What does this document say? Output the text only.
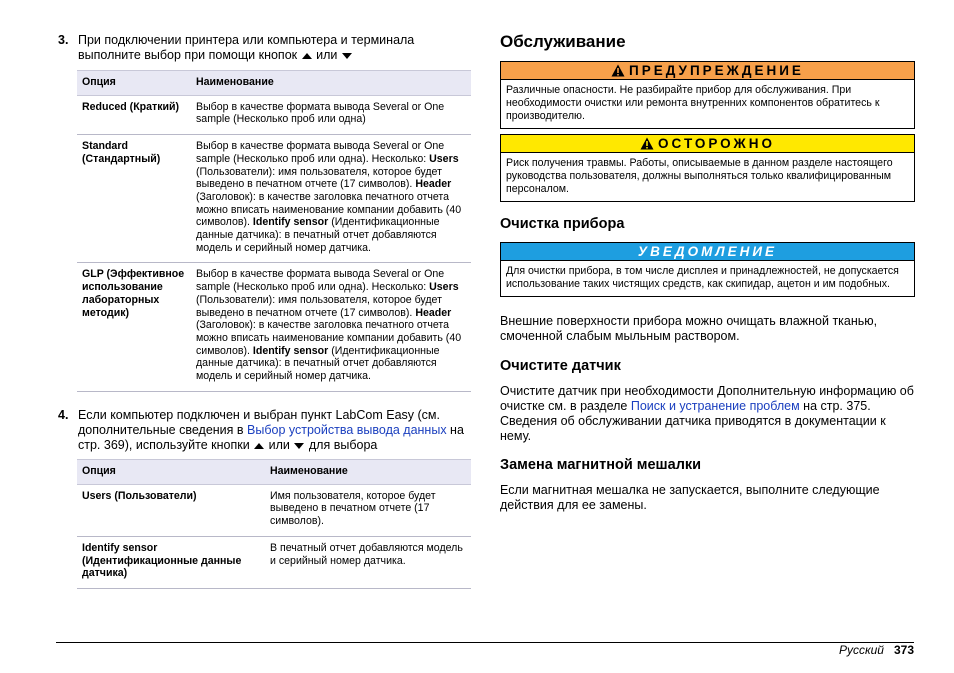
3. При подключении принтера или компьютера и терминала
выполните выбор при помощи кнопок  или
Опция	Наименование
Reduced (Краткий)	Выбор в качестве формата вывода Several or One sample (Несколько проб или одна)
Standard (Стандартный)	Выбор в качестве формата вывода Several or One sample (Несколько проб или одна). Несколько: Users (Пользователи): имя пользователя, которое будет выведено в печатном отчете (17 символов). Header (Заголовок): в качестве заголовка печатного отчета можно вписать наименование компании добавить (40 символов). Identify sensor (Идентификационные данные датчика): в печатный отчет добавляются модель и серийный номер датчика.
GLP (Эффективное использование лабораторных методик)	Выбор в качестве формата вывода Several or One sample (Несколько проб или одна). Несколько: Users (Пользователи): имя пользователя, которое будет выведено в печатном отчете (17 символов). Header (Заголовок): в качестве заголовка печатного отчета можно вписать наименование компании добавить (40 символов). Identify sensor (Идентификационные данные датчика): в печатный отчет добавляются модель и серийный номер датчика.
4. Если компьютер подключен и выбран пункт LabCom Easy (см. дополнительные сведения в Выбор устройства вывода данных на стр. 369), используйте кнопки  или  для выбора
Опция	Наименование
Users (Пользователи)	Имя пользователя, которое будет выведено в печатном отчете (17 символов).
Identify sensor (Идентификационные данные датчика)	В печатный отчет добавляются модель и серийный номер датчика.
Обслуживание
ПРЕДУПРЕЖДЕНИЕ
Различные опасности. Не разбирайте прибор для обслуживания. При необходимости очистки или ремонта внутренних компонентов обратитесь к производителю.
ОСТОРОЖНО
Риск получения травмы. Работы, описываемые в данном разделе настоящего руководства пользователя, должны выполняться только квалифицированным персоналом.
Очистка прибора
УВЕДОМЛЕНИЕ
Для очистки прибора, в том числе дисплея и принадлежностей, не допускается использование таких чистящих средств, как скипидар, ацетон и им подобных.
Внешние поверхности прибора можно очищать влажной тканью, смоченной слабым мыльным раствором.
Очистите датчик
Очистите датчик при необходимости Дополнительную информацию об очистке см. в разделе Поиск и устранение проблем на стр. 375. Сведения об обслуживании датчика приводятся в документации к нему.
Замена магнитной мешалки
Если магнитная мешалка не запускается, выполните следующие действия для ее замены.
Русский 373
